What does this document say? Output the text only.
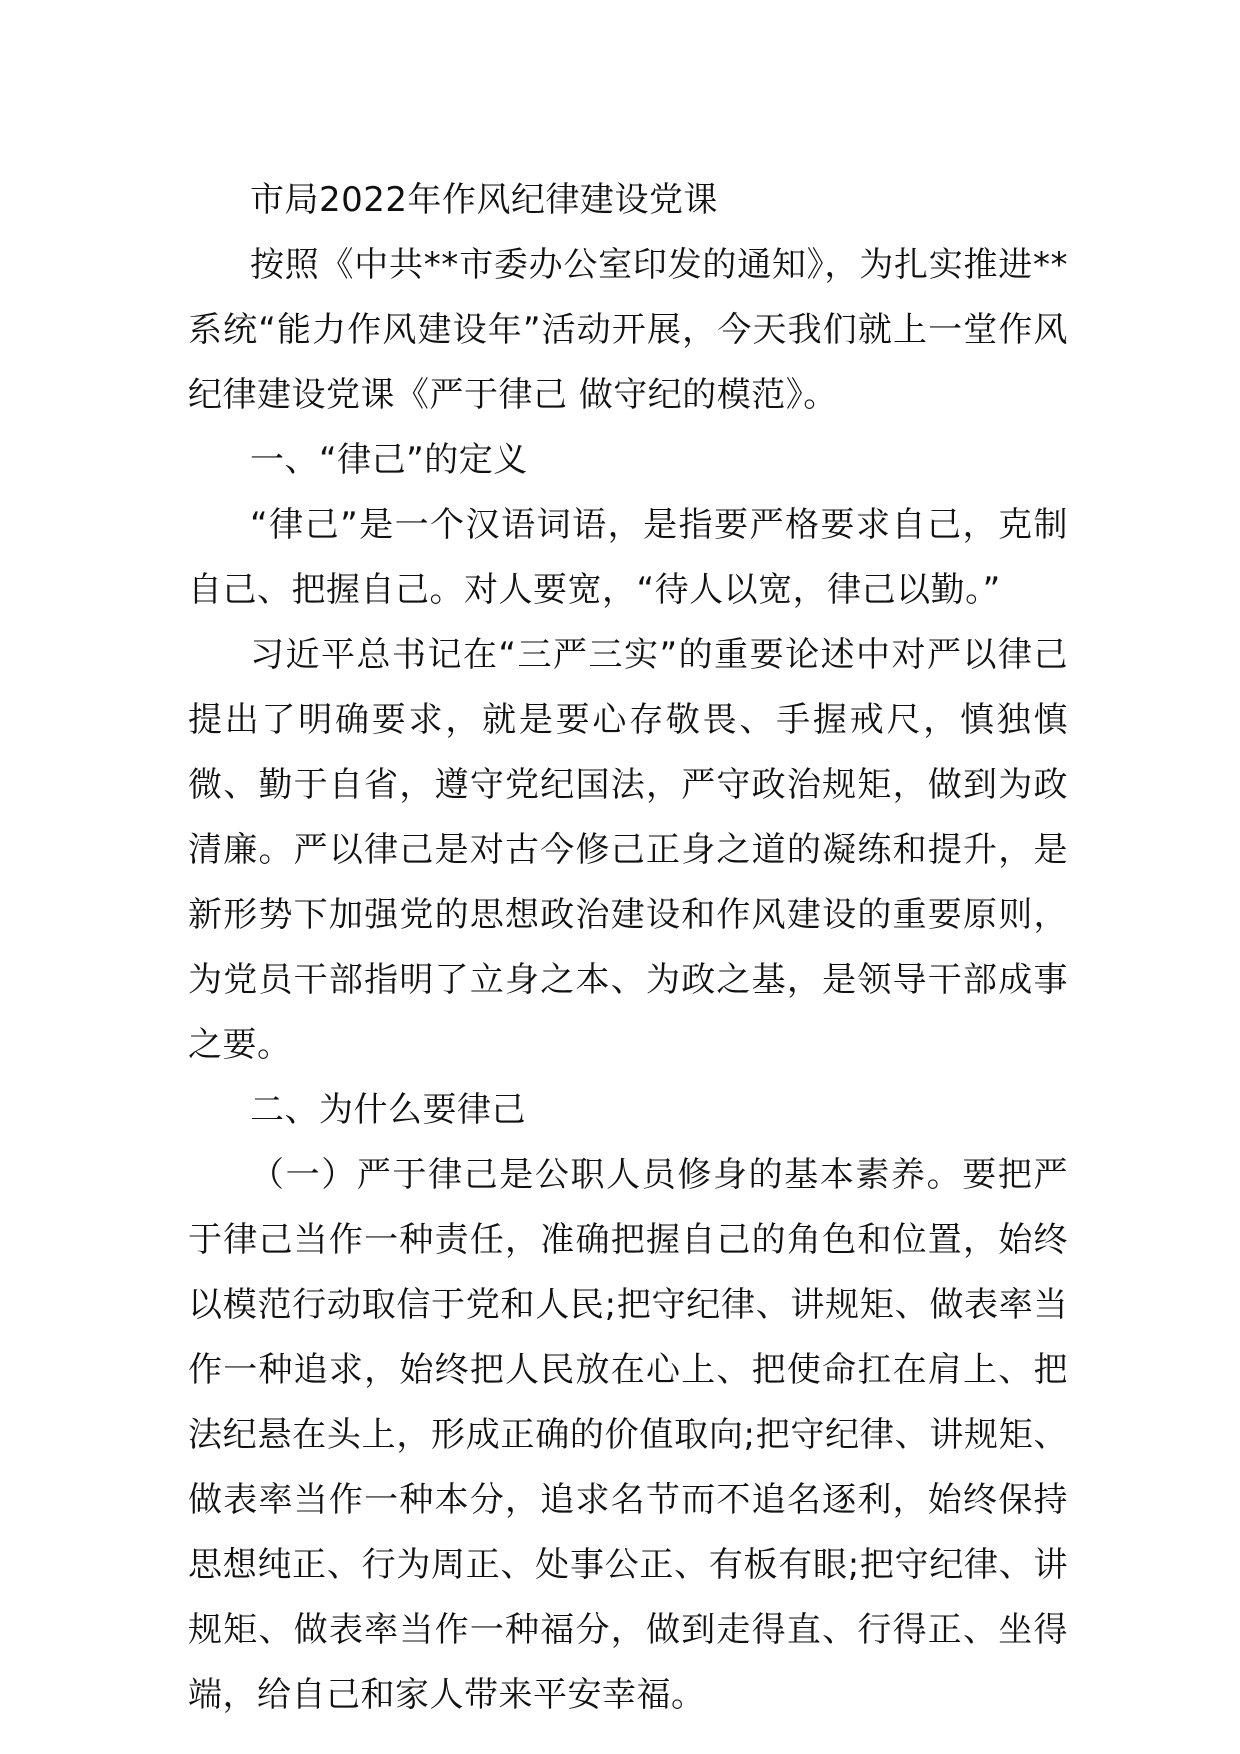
市局2022年作风纪律建设党课

按照《中共**市委办公室印发的通知》，为扎实推进**系统“能力作风建设年”活动开展，今天我们就上一堂作风纪律建设党课《严于律己 做守纪的模范》。

一、“律己”的定义

“律己”是一个汉语词语，是指要严格要求自己，克制自己、把握自己。对人要宽，“待人以宽，律己以勤。”

习近平总书记在“三严三实”的重要论述中对严以律己提出了明确要求，就是要心存敬畏、手握戒尺，慎独慎微、勤于自省，遵守党纪国法，严守政治规矩，做到为政清廉。严以律己是对古今修己正身之道的凝练和提升，是新形势下加强党的思想政治建设和作风建设的重要原则，为党员干部指明了立身之本、为政之基，是领导干部成事之要。

二、为什么要律己

（一）严于律己是公职人员修身的基本素养。要把严于律己当作一种责任，准确把握自己的角色和位置，始终以模范行动取信于党和人民;把守纪律、讲规矩、做表率当作一种追求，始终把人民放在心上、把使命扛在肩上、把法纪悬在头上，形成正确的价值取向;把守纪律、讲规矩、做表率当作一种本分，追求名节而不追名逐利，始终保持思想纯正、行为周正、处事公正、有板有眼;把守纪律、讲规矩、做表率当作一种福分，做到走得直、行得正、坐得端，给自己和家人带来平安幸福。
